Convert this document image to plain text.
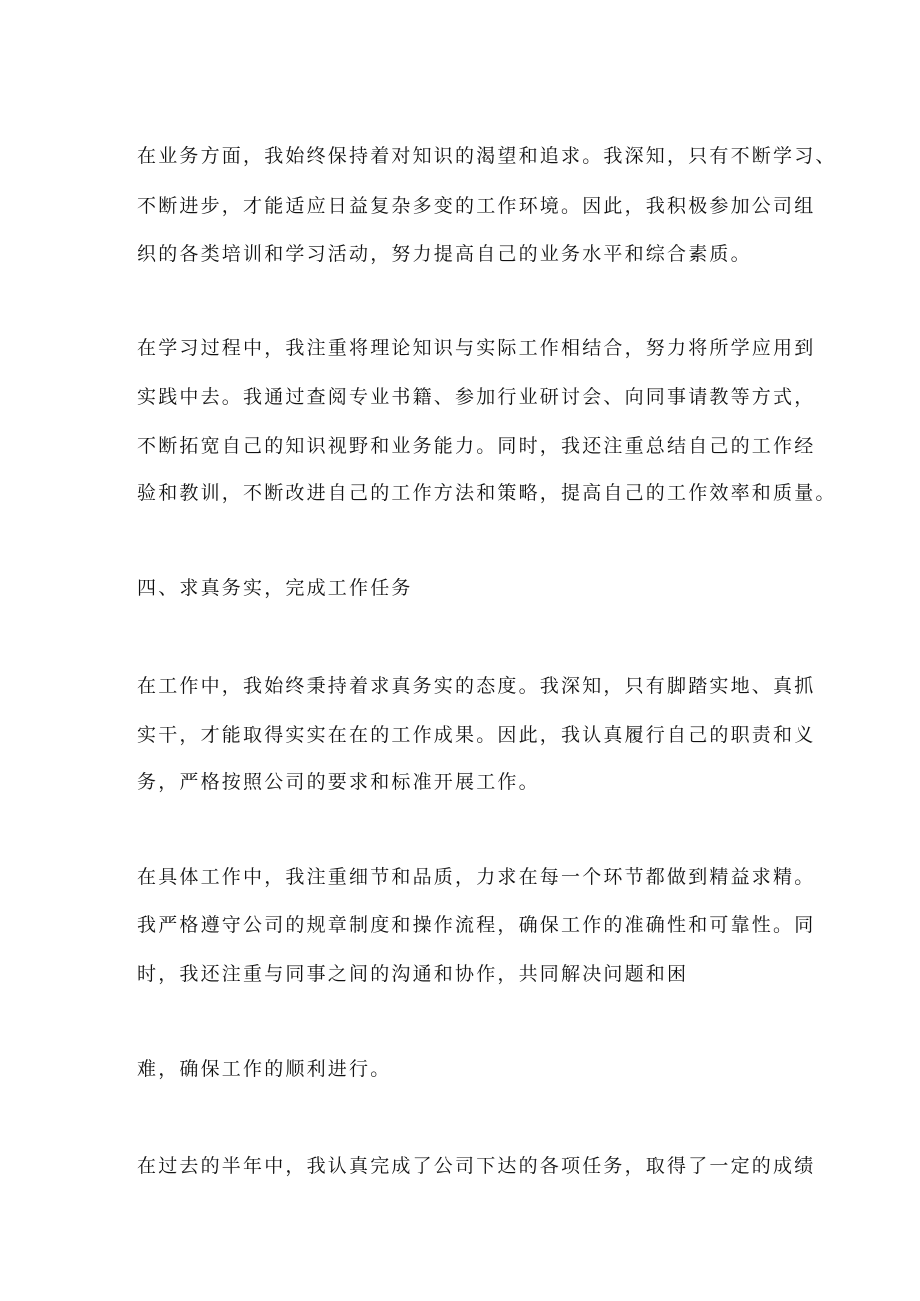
在业务方面，我始终保持着对知识的渴望和追求。我深知，只有不断学习、
不断进步，才能适应日益复杂多变的工作环境。因此，我积极参加公司组
织的各类培训和学习活动，努力提高自己的业务水平和综合素质。
在学习过程中，我注重将理论知识与实际工作相结合，努力将所学应用到
实践中去。我通过查阅专业书籍、参加行业研讨会、向同事请教等方式，
不断拓宽自己的知识视野和业务能力。同时，我还注重总结自己的工作经
验和教训，不断改进自己的工作方法和策略，提高自己的工作效率和质量。
四、求真务实，完成工作任务
在工作中，我始终秉持着求真务实的态度。我深知，只有脚踏实地、真抓
实干，才能取得实实在在的工作成果。因此，我认真履行自己的职责和义
务，严格按照公司的要求和标准开展工作。
在具体工作中，我注重细节和品质，力求在每一个环节都做到精益求精。
我严格遵守公司的规章制度和操作流程，确保工作的准确性和可靠性。同
时，我还注重与同事之间的沟通和协作，共同解决问题和困
难，确保工作的顺利进行。
在过去的半年中，我认真完成了公司下达的各项任务，取得了一定的成绩
